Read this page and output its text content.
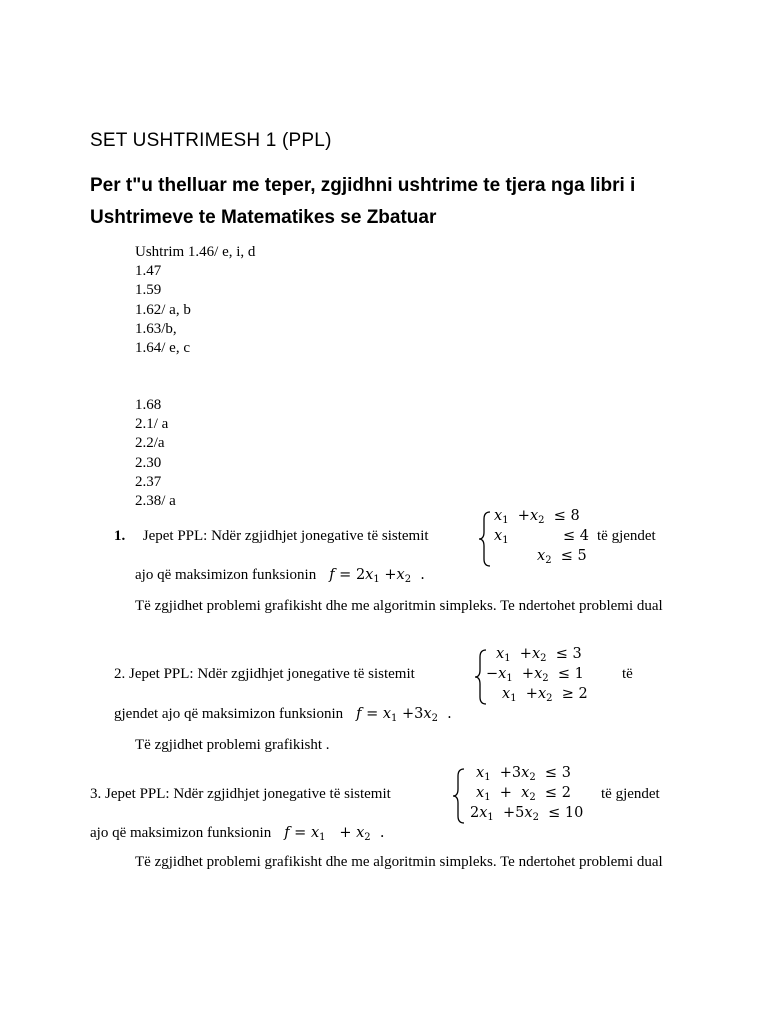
SET USHTRIMESH 1 (PPL)
Per t"u thelluar me teper, zgjidhni ushtrime te tjera nga libri i Ushtrimeve te Matematikes se Zbatuar
Ushtrim 1.46/ e, i, d
1.47
1.59
1.62/ a, b
1.63/b,
1.64/ e, c
1.68
2.1/ a
2.2/a
2.30
2.37
2.38/ a
1. Jepet PPL: Ndër zgjidhjet jonegative të sistemit
$x_1 +x_2 \le 8$
$x_1$	≤ 4
$x_2 \le 5$
të gjendet
ajo që maksimizon funksionin $f = 2x_1 +x_2$  .
Të zgjidhet problemi grafikisht dhe me algoritmin simpleks. Te ndertohet problemi dual
2. Jepet PPL: Ndër zgjidhjet jonegative të sistemit
$x_1 +x_2 \le 3$
$-x_1 +x_2 \le 1$
$x_1 +x_2 \ge 2$
të
gjendet ajo që maksimizon funksionin $f = x_1 +3x_2$  .
Të zgjidhet problemi grafikisht .
3. Jepet PPL: Ndër zgjidhjet jonegative të sistemit
$x_1 +3x_2 \le 3$
$x_1 + x_2 \le 2$
$2x_1 +5x_2 \le 10$
të gjendet
ajo që maksimizon funksionin $f = x_1 + x_2$  .
Të zgjidhet problemi grafikisht dhe me algoritmin simpleks. Te ndertohet problemi dual
